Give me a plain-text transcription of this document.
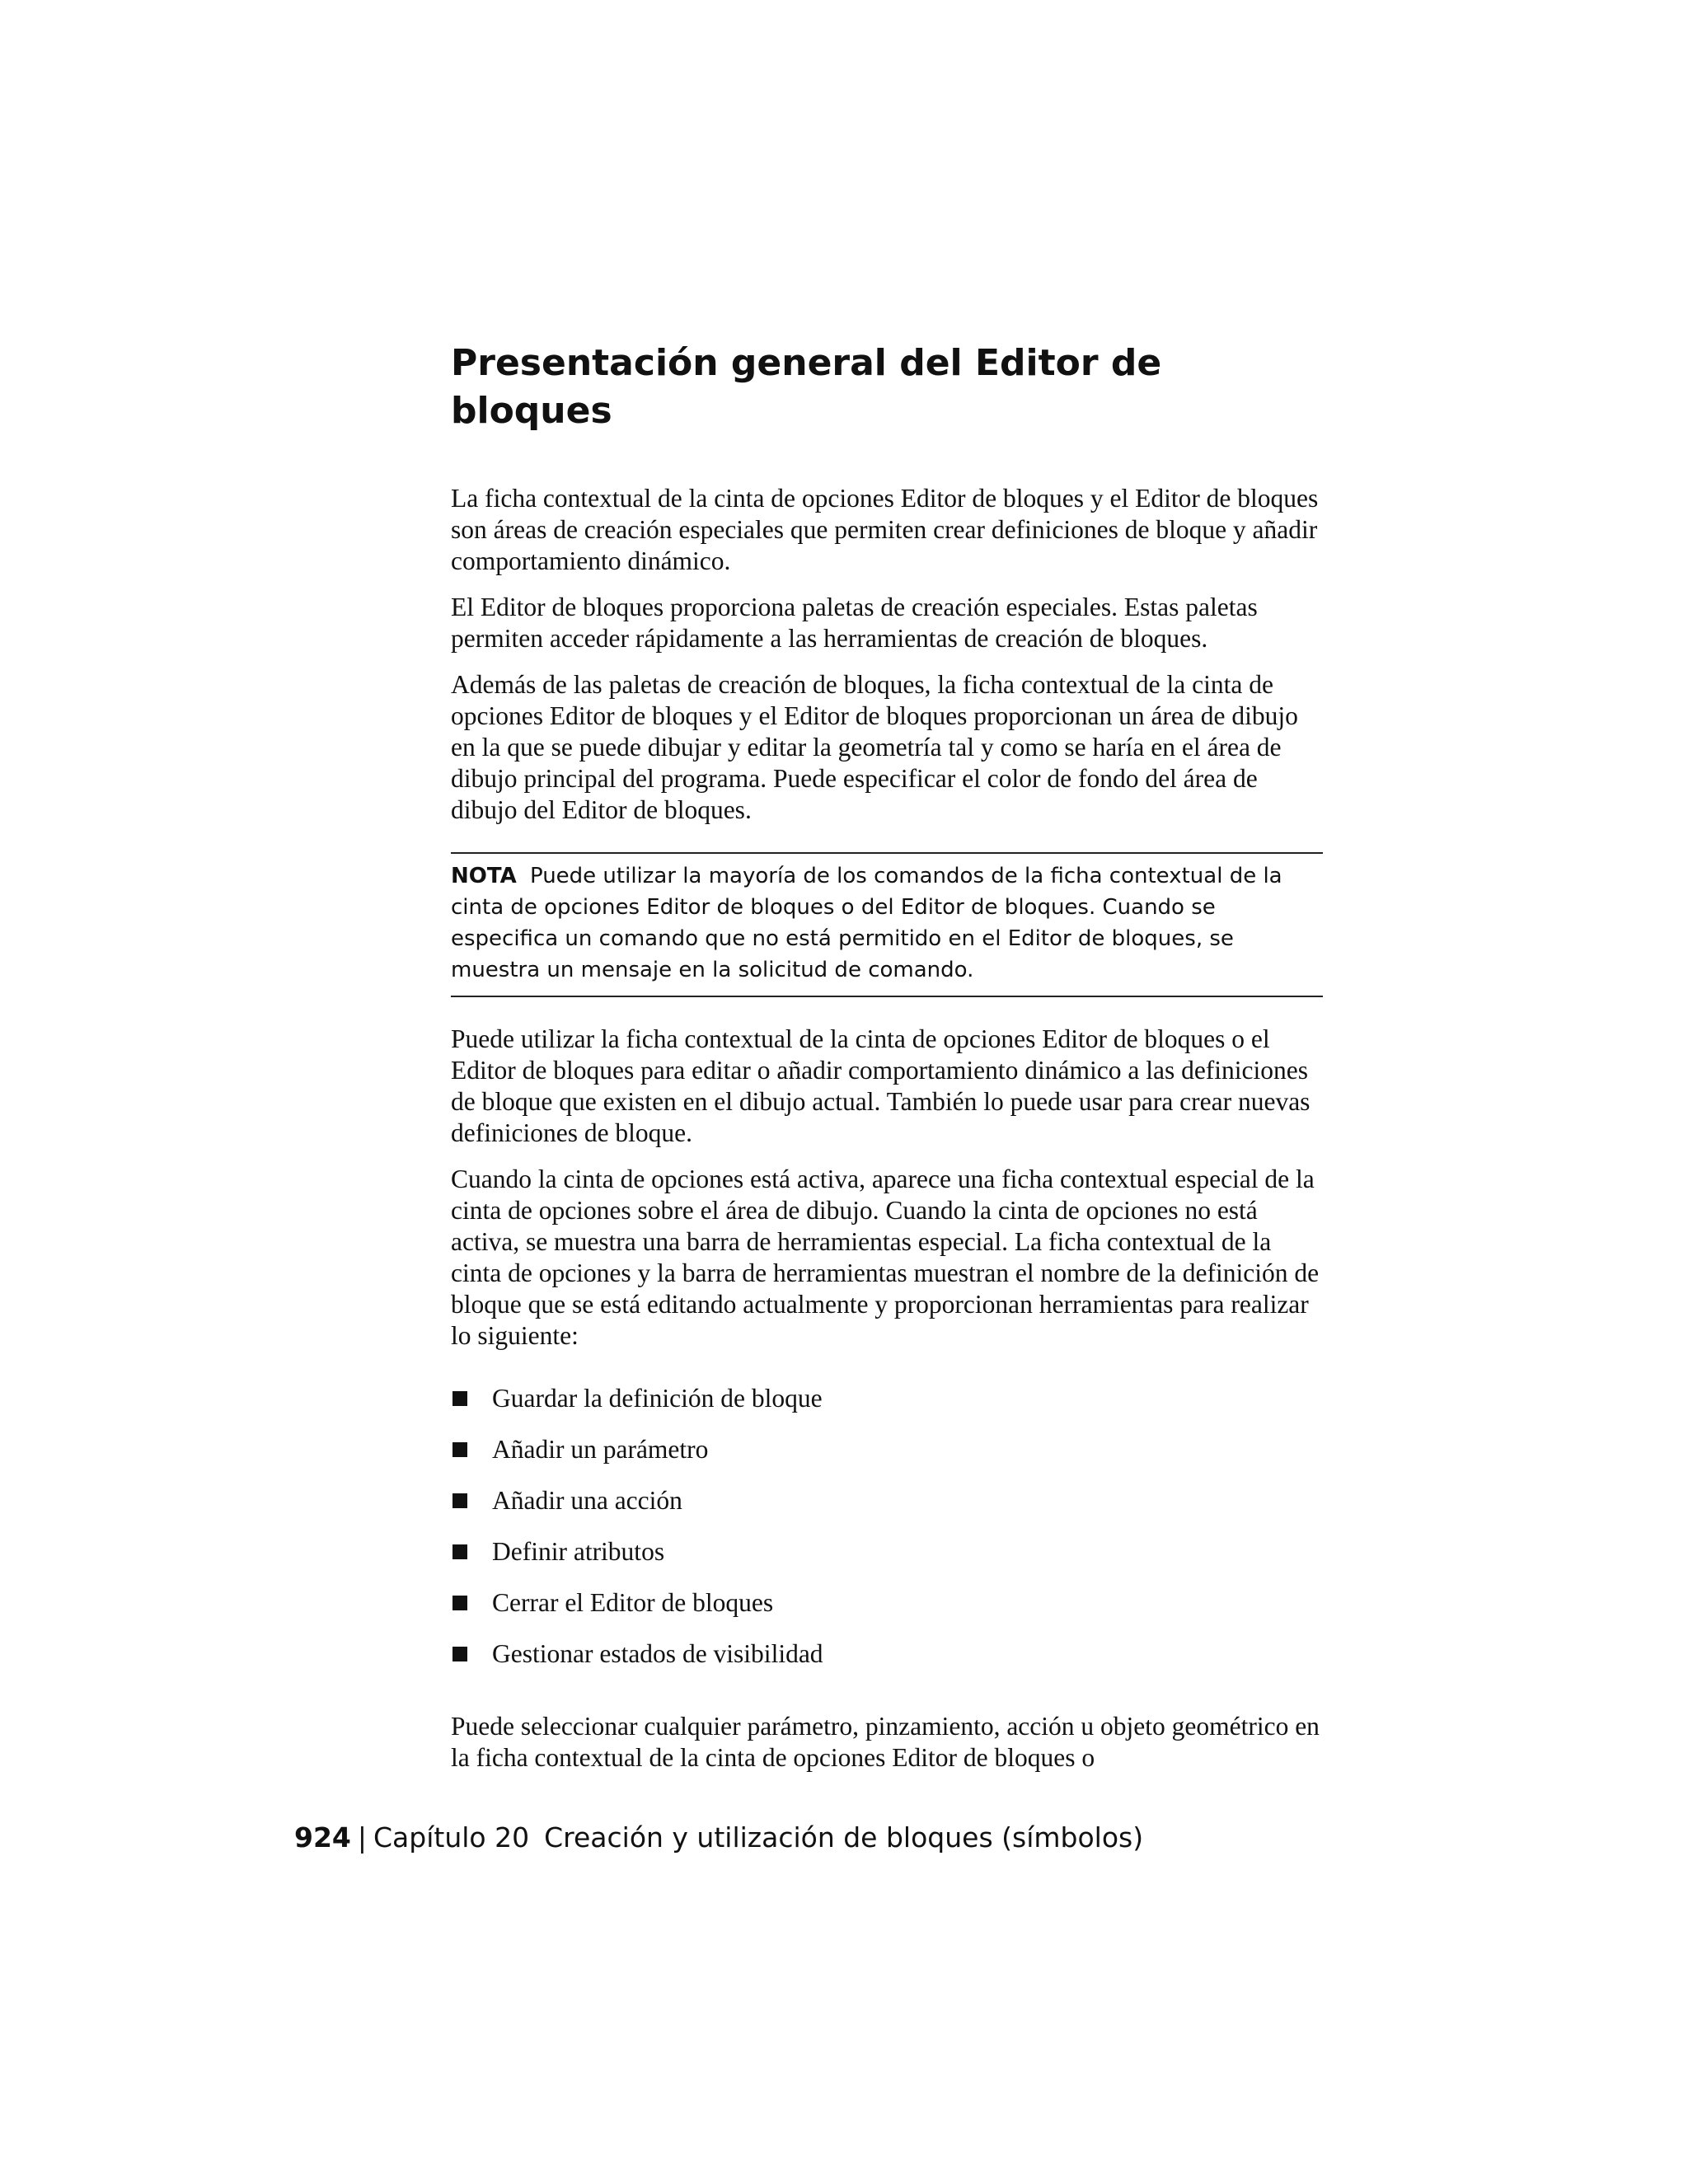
Presentación general del Editor de bloques

La ficha contextual de la cinta de opciones Editor de bloques y el Editor de bloques son áreas de creación especiales que permiten crear definiciones de bloque y añadir comportamiento dinámico.

El Editor de bloques proporciona paletas de creación especiales. Estas paletas permiten acceder rápidamente a las herramientas de creación de bloques.

Además de las paletas de creación de bloques, la ficha contextual de la cinta de opciones Editor de bloques y el Editor de bloques proporcionan un área de dibujo en la que se puede dibujar y editar la geometría tal y como se haría en el área de dibujo principal del programa. Puede especificar el color de fondo del área de dibujo del Editor de bloques.

NOTA Puede utilizar la mayoría de los comandos de la ficha contextual de la cinta de opciones Editor de bloques o del Editor de bloques. Cuando se especifica un comando que no está permitido en el Editor de bloques, se muestra un mensaje en la solicitud de comando.

Puede utilizar la ficha contextual de la cinta de opciones Editor de bloques o el Editor de bloques para editar o añadir comportamiento dinámico a las definiciones de bloque que existen en el dibujo actual. También lo puede usar para crear nuevas definiciones de bloque.

Cuando la cinta de opciones está activa, aparece una ficha contextual especial de la cinta de opciones sobre el área de dibujo. Cuando la cinta de opciones no está activa, se muestra una barra de herramientas especial. La ficha contextual de la cinta de opciones y la barra de herramientas muestran el nombre de la definición de bloque que se está editando actualmente y proporcionan herramientas para realizar lo siguiente:

Guardar la definición de bloque
Añadir un parámetro
Añadir una acción
Definir atributos
Cerrar el Editor de bloques
Gestionar estados de visibilidad

Puede seleccionar cualquier parámetro, pinzamiento, acción u objeto geométrico en la ficha contextual de la cinta de opciones Editor de bloques o

924 | Capítulo 20 Creación y utilización de bloques (símbolos)
